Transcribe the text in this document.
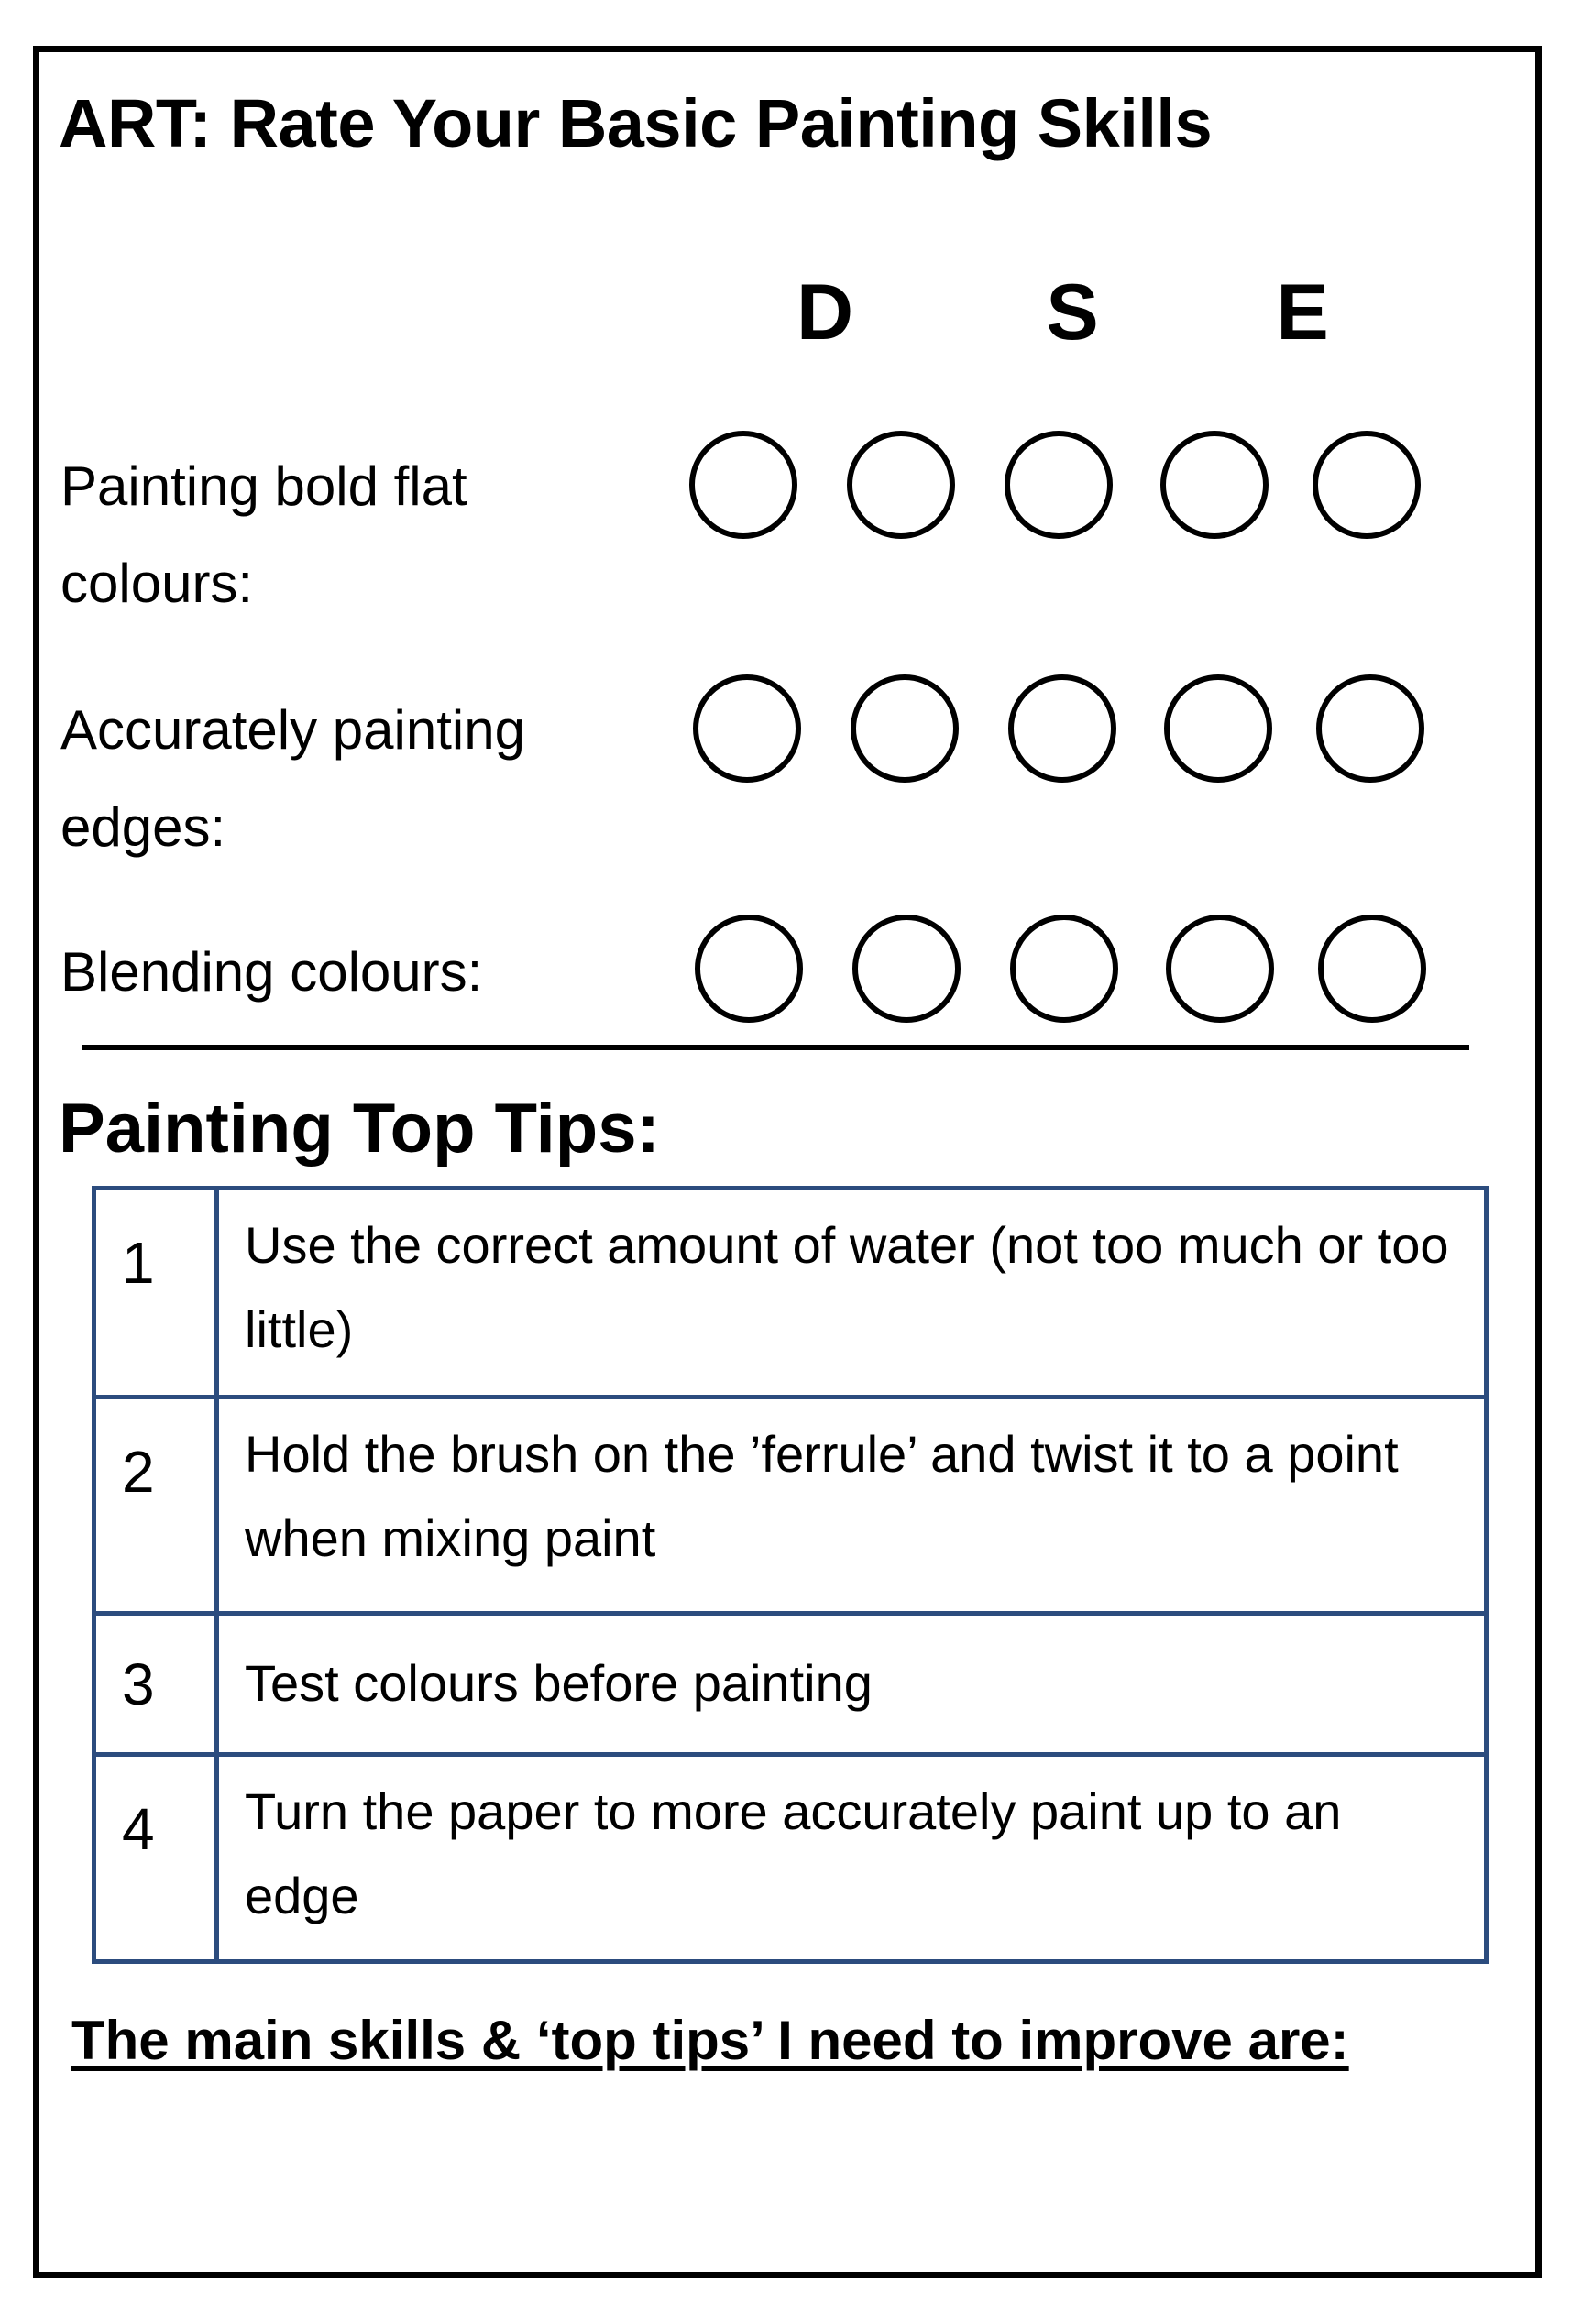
ART: Rate Your Basic Painting Skills
D S E
Painting bold flat colours:
Accurately painting edges:
Blending colours:
Painting Top Tips:
1	Use the correct amount of water (not too much or too little)
2	Hold the brush on the ’ferrule’ and twist it to a point when mixing paint
3	Test colours before painting
4	Turn the paper to more accurately paint up to an edge
The main skills & ‘top tips’ I need to improve are:
